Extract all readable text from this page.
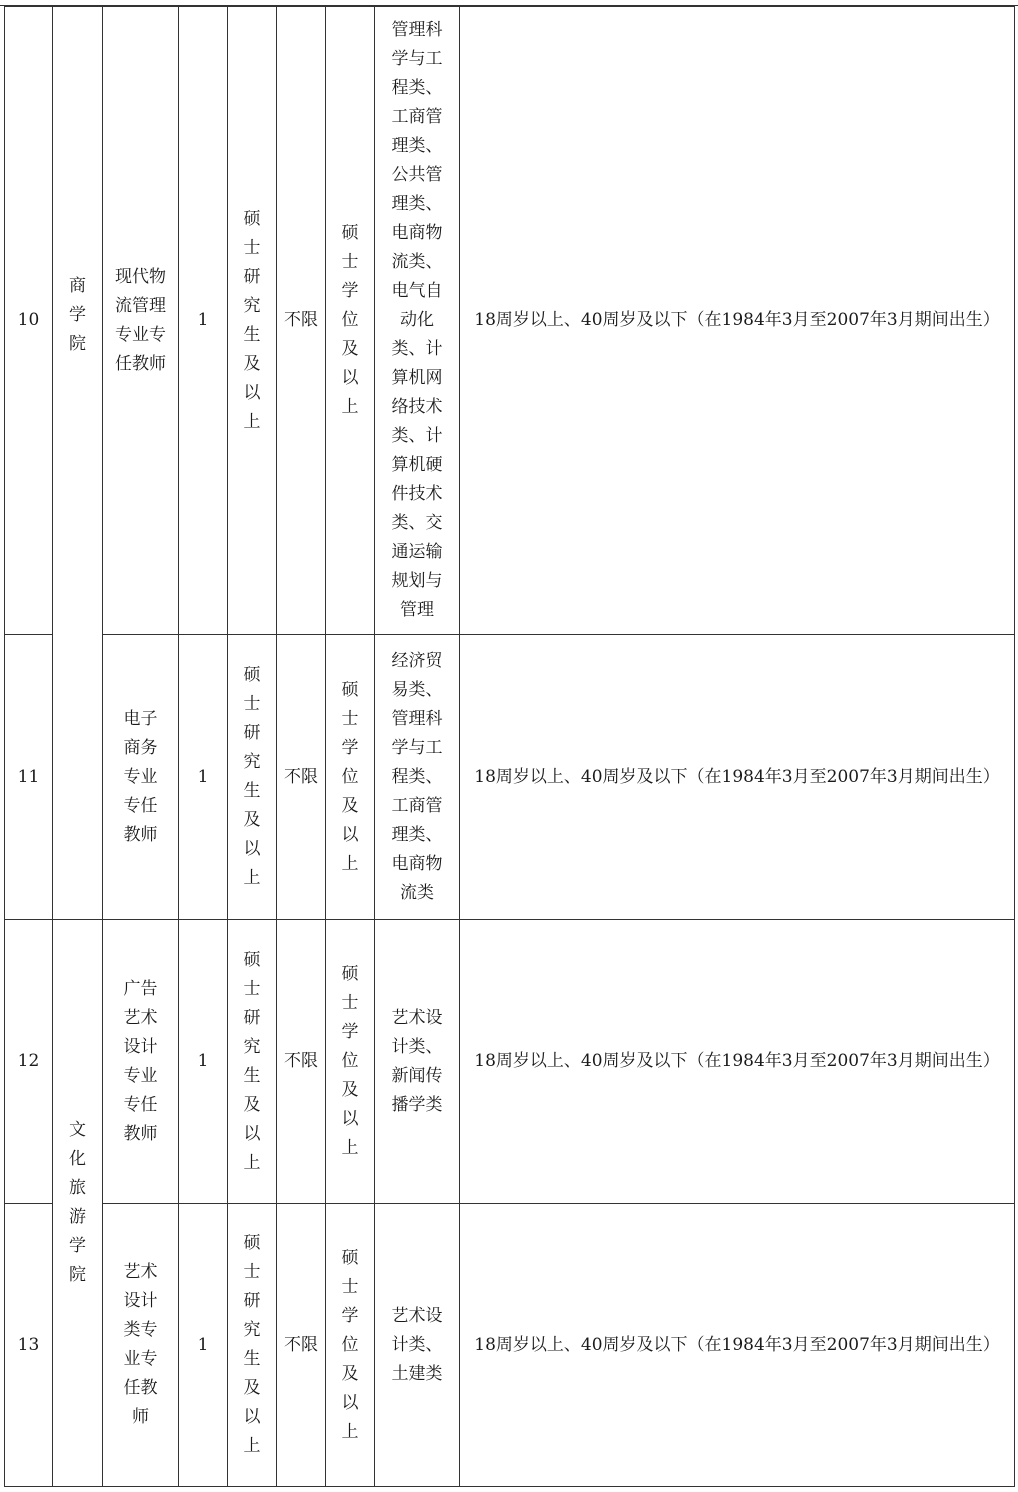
10	商学院	现代物流管理专业专任教师	1	硕士研究生及以上	不限	硕士学位及以上	管理科学与工程类、工商管理类、公共管理类、电商物流类、电气自动化类、计算机网络技术类、计算机硬件技术类、交通运输规划与管理	18周岁以上、40周岁及以下（在1984年3月至2007年3月期间出生）
11		电子商务专业专任教师	1	硕士研究生及以上	不限	硕士学位及以上	经济贸易类、管理科学与工程类、工商管理类、电商物流类	18周岁以上、40周岁及以下（在1984年3月至2007年3月期间出生）
12	文化旅游学院	广告艺术设计专业专任教师	1	硕士研究生及以上	不限	硕士学位及以上	艺术设计类、新闻传播学类	18周岁以上、40周岁及以下（在1984年3月至2007年3月期间出生）
13		艺术设计类专业专任教师	1	硕士研究生及以上	不限	硕士学位及以上	艺术设计类、土建类	18周岁以上、40周岁及以下（在1984年3月至2007年3月期间出生）
